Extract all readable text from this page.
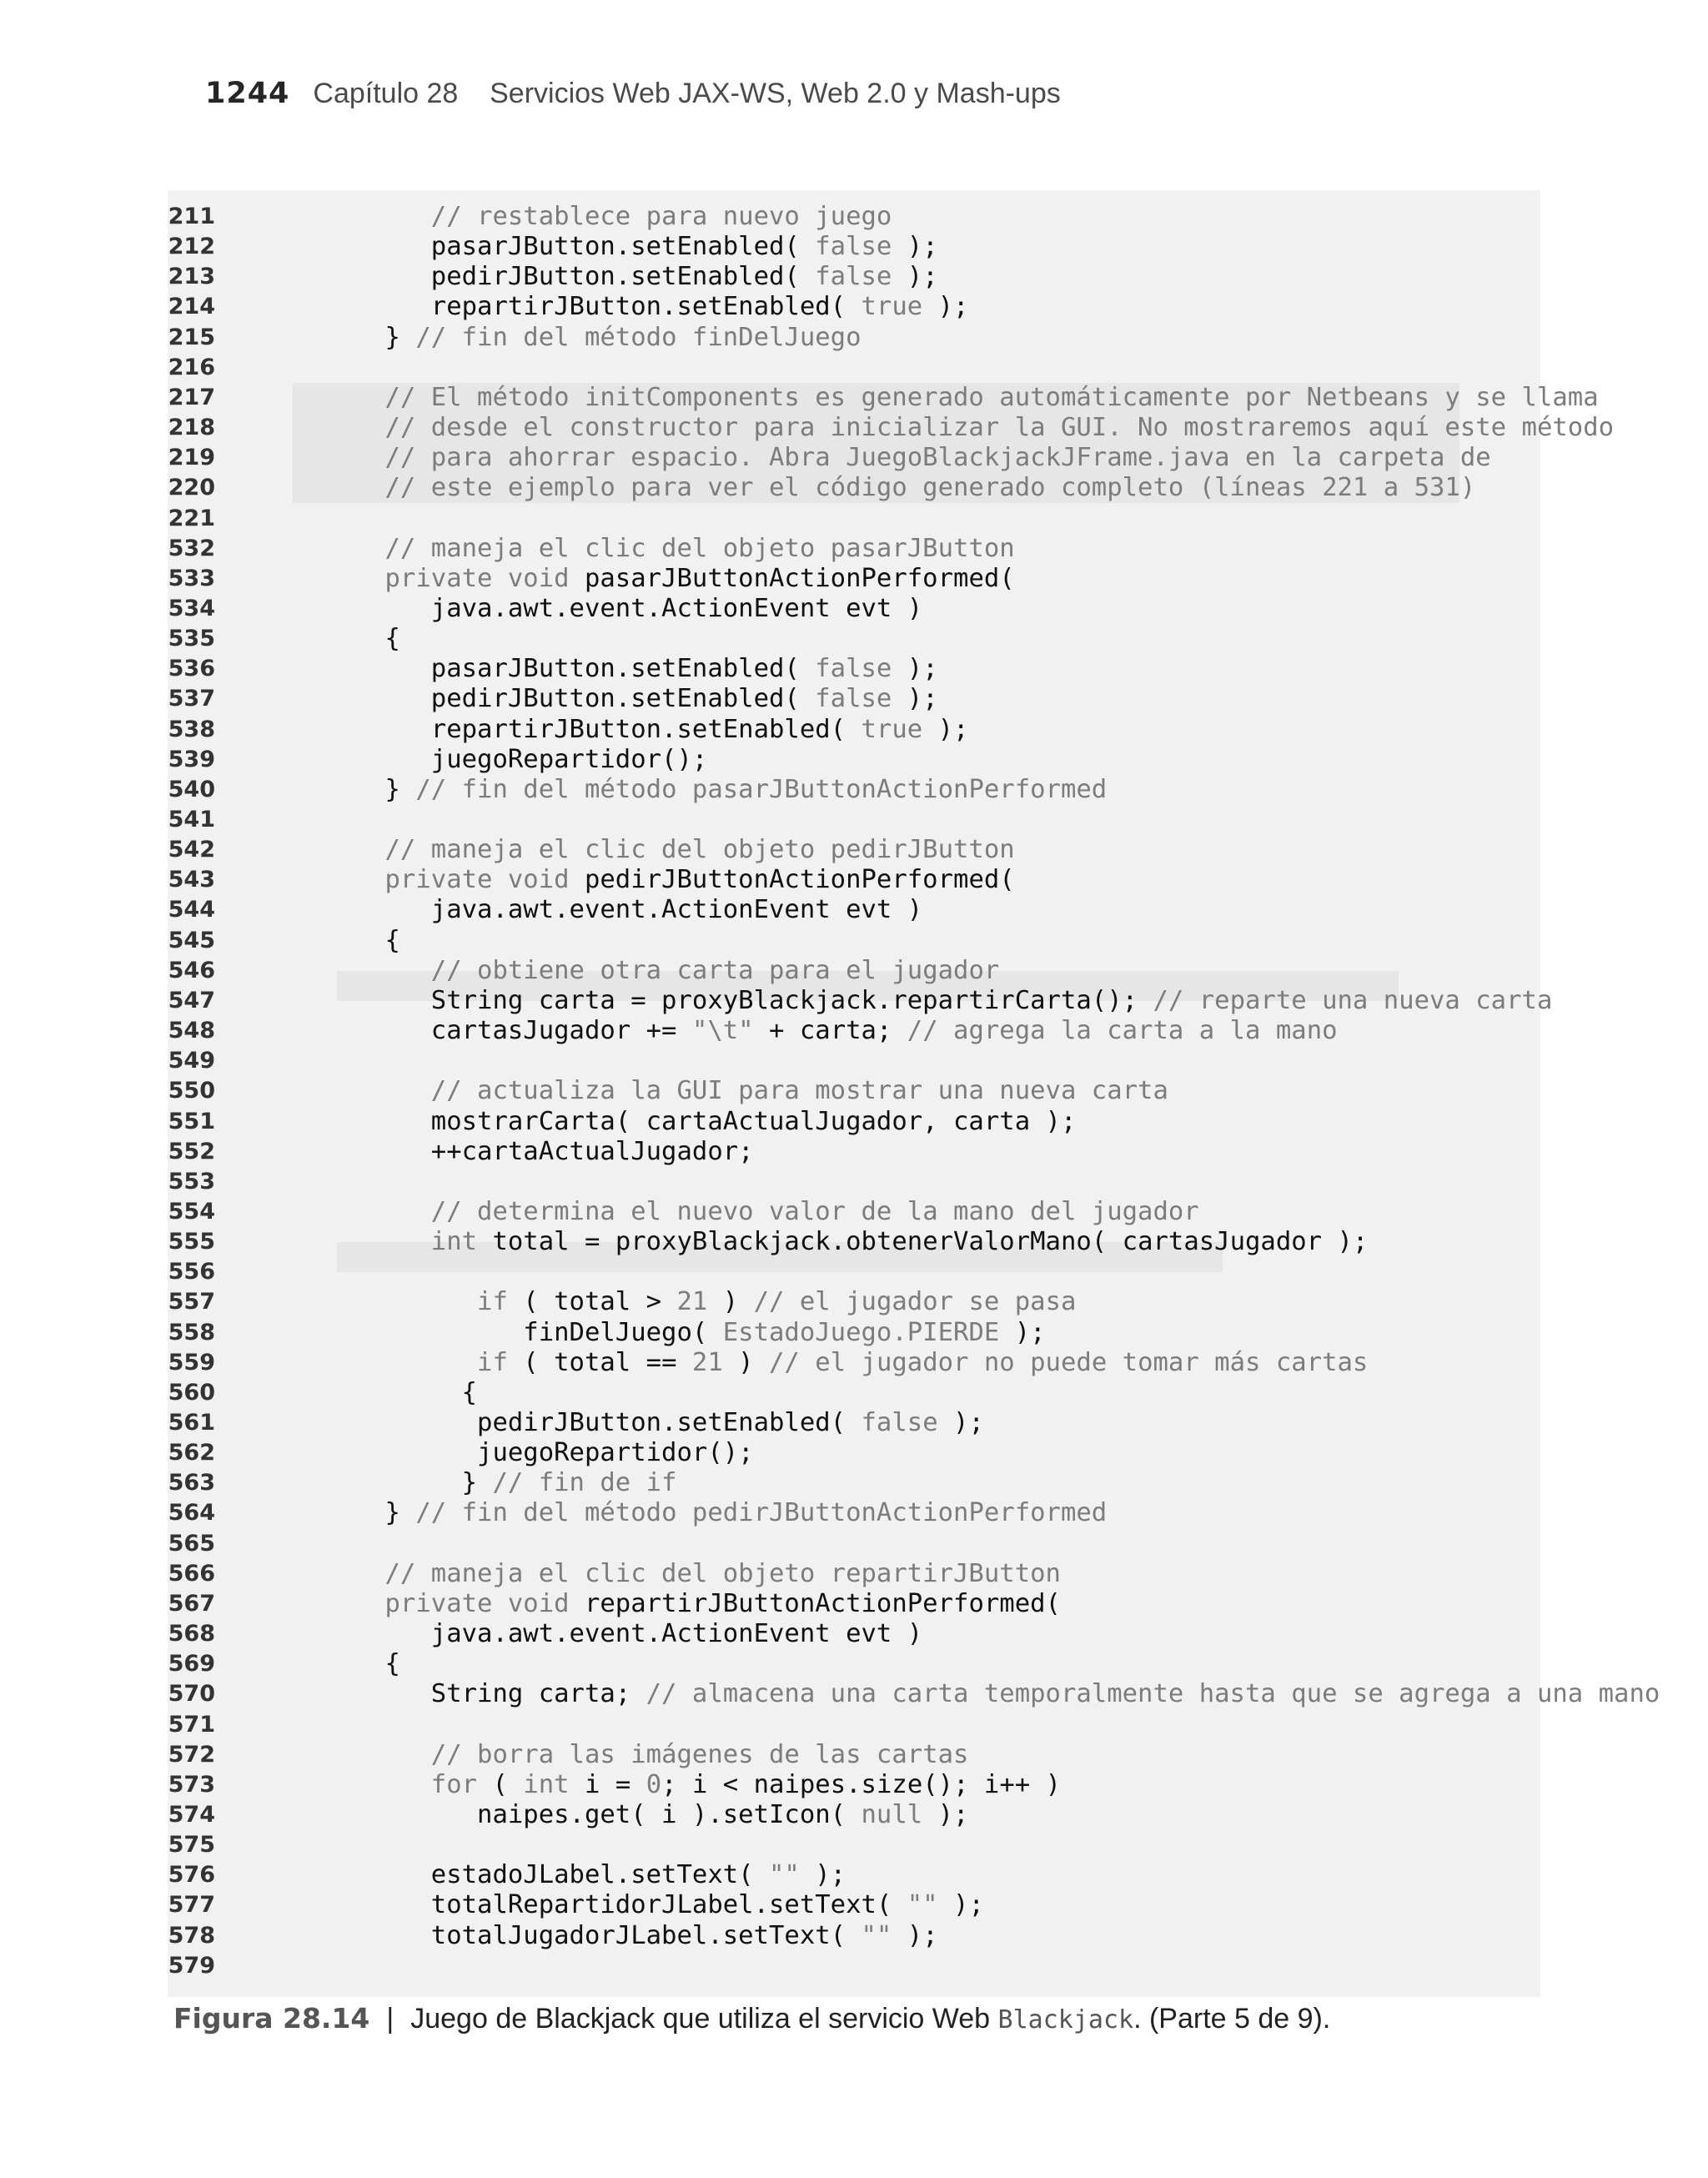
1244 Capítulo 28    Servicios Web JAX-WS, Web 2.0 y Mash-ups
211	// restablece para nuevo juego
212	pasarJButton.setEnabled( false );
213	pedirJButton.setEnabled( false );
214	repartirJButton.setEnabled( true );
215	} // fin del método finDelJuego
216
217	// El método initComponents es generado automáticamente por Netbeans y se llama
218	// desde el constructor para inicializar la GUI. No mostraremos aquí este método
219	// para ahorrar espacio. Abra JuegoBlackjackJFrame.java en la carpeta de
220	// este ejemplo para ver el código generado completo (líneas 221 a 531)
221
532	// maneja el clic del objeto pasarJButton
533	private void pasarJButtonActionPerformed(
534	java.awt.event.ActionEvent evt )
535	{
536	pasarJButton.setEnabled( false );
537	pedirJButton.setEnabled( false );
538	repartirJButton.setEnabled( true );
539	juegoRepartidor();
540	} // fin del método pasarJButtonActionPerformed
541
542	// maneja el clic del objeto pedirJButton
543	private void pedirJButtonActionPerformed(
544	java.awt.event.ActionEvent evt )
545	{
546	// obtiene otra carta para el jugador
547	String carta = proxyBlackjack.repartirCarta(); // reparte una nueva carta
548	cartasJugador += "\t" + carta; // agrega la carta a la mano
549
550	// actualiza la GUI para mostrar una nueva carta
551	mostrarCarta( cartaActualJugador, carta );
552	++cartaActualJugador;
553
554	// determina el nuevo valor de la mano del jugador
555	int total = proxyBlackjack.obtenerValorMano( cartasJugador );
556
557	if ( total > 21 ) // el jugador se pasa
558	finDelJuego( EstadoJuego.PIERDE );
559	if ( total == 21 ) // el jugador no puede tomar más cartas
560	{
561	pedirJButton.setEnabled( false );
562	juegoRepartidor();
563	} // fin de if
564	} // fin del método pedirJButtonActionPerformed
565
566	// maneja el clic del objeto repartirJButton
567	private void repartirJButtonActionPerformed(
568	java.awt.event.ActionEvent evt )
569	{
570	String carta; // almacena una carta temporalmente hasta que se agrega a una mano
571
572	// borra las imágenes de las cartas
573	for ( int i = 0; i < naipes.size(); i++ )
574	naipes.get( i ).setIcon( null );
575
576	estadoJLabel.setText( "" );
577	totalRepartidorJLabel.setText( "" );
578	totalJugadorJLabel.setText( "" );
579
Figura 28.14 | Juego de Blackjack que utiliza el servicio Web Blackjack . (Parte 5 de 9).
